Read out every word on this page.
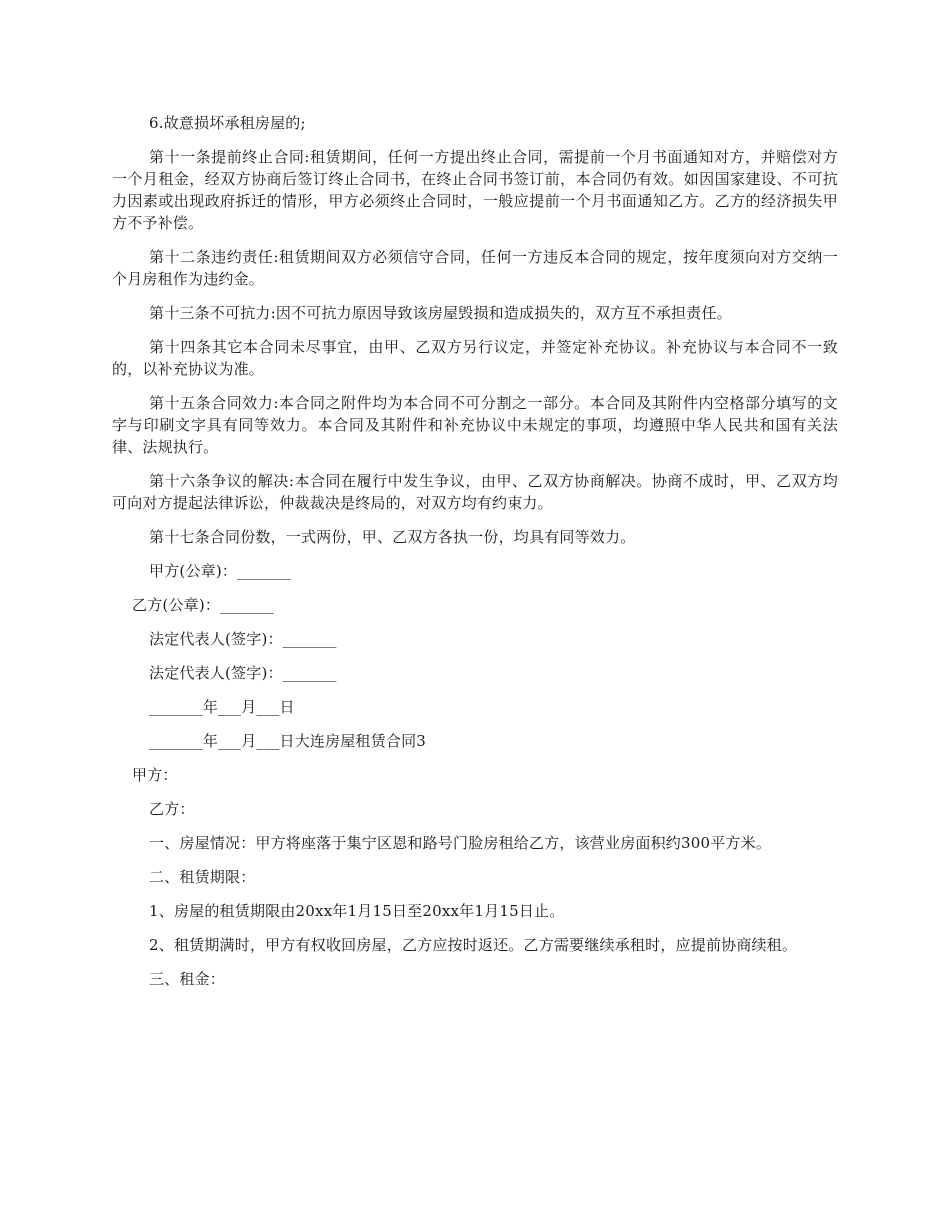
6.故意损坏承租房屋的;

第十一条提前终止合同:租赁期间，任何一方提出终止合同，需提前一个月书面通知对方，并赔偿对方一个月租金，经双方协商后签订终止合同书，在终止合同书签订前，本合同仍有效。如因国家建设、不可抗力因素或出现政府拆迁的情形，甲方必须终止合同时，一般应提前一个月书面通知乙方。乙方的经济损失甲方不予补偿。

第十二条违约责任:租赁期间双方必须信守合同，任何一方违反本合同的规定，按年度须向对方交纳一个月房租作为违约金。

第十三条不可抗力:因不可抗力原因导致该房屋毁损和造成损失的，双方互不承担责任。

第十四条其它本合同未尽事宜，由甲、乙双方另行议定，并签定补充协议。补充协议与本合同不一致的，以补充协议为准。

第十五条合同效力:本合同之附件均为本合同不可分割之一部分。本合同及其附件内空格部分填写的文字与印刷文字具有同等效力。本合同及其附件和补充协议中未规定的事项，均遵照中华人民共和国有关法律、法规执行。

第十六条争议的解决:本合同在履行中发生争议，由甲、乙双方协商解决。协商不成时，甲、乙双方均可向对方提起法律诉讼，仲裁裁决是终局的，对双方均有约束力。

第十七条合同份数，一式两份，甲、乙双方各执一份，均具有同等效力。

甲方(公章)：_______

乙方(公章)：_______

法定代表人(签字)：_______

法定代表人(签字)：_______

_______年___月___日

_______年___月___日大连房屋租赁合同3

甲方：

乙方：

一、房屋情况：甲方将座落于集宁区恩和路号门脸房租给乙方，该营业房面积约300平方米。

二、租赁期限：

1、房屋的租赁期限由20xx年1月15日至20xx年1月15日止。

2、租赁期满时，甲方有权收回房屋，乙方应按时返还。乙方需要继续承租时，应提前协商续租。

三、租金：
